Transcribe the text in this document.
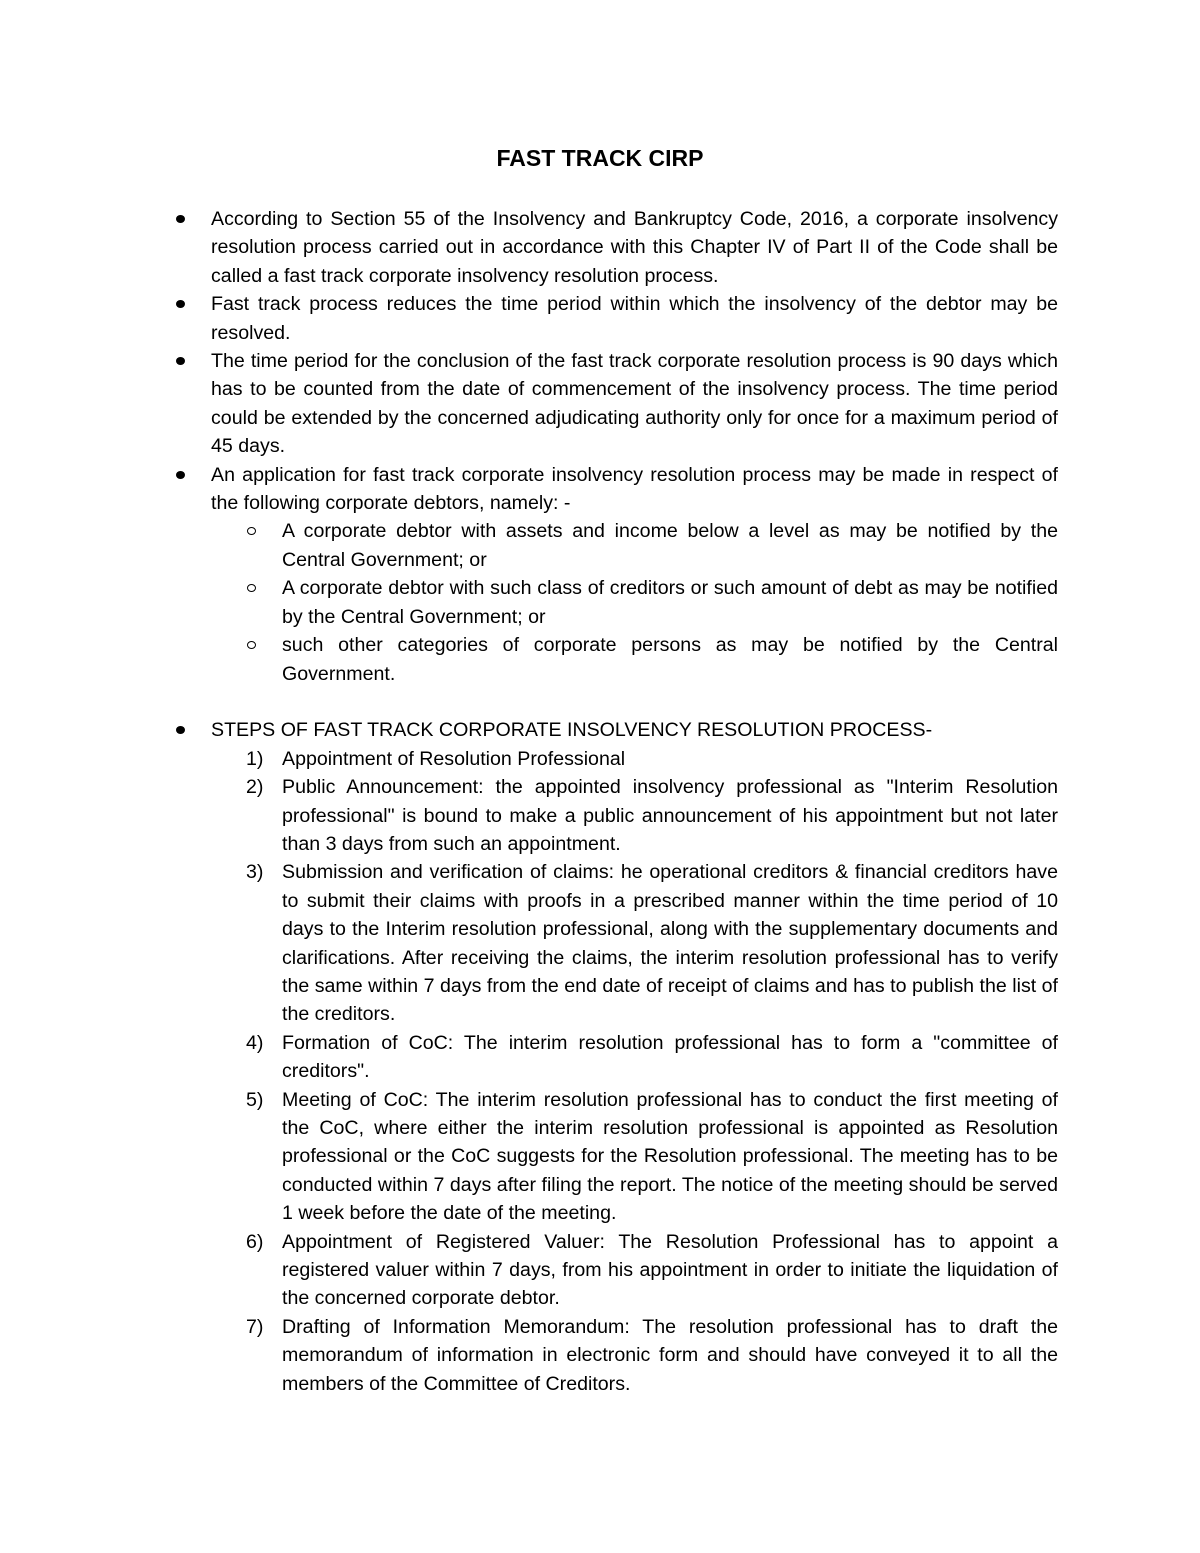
FAST TRACK CIRP
According to Section 55 of the Insolvency and Bankruptcy Code, 2016, a corporate insolvency resolution process carried out in accordance with this Chapter IV of Part II of the Code shall be called a fast track corporate insolvency resolution process.
Fast track process reduces the time period within which the insolvency of the debtor may be resolved.
The time period for the conclusion of the fast track corporate resolution process is 90 days which has to be counted from the date of commencement of the insolvency process. The time period could be extended by the concerned adjudicating authority only for once for a maximum period of 45 days.
An application for fast track corporate insolvency resolution process may be made in respect of the following corporate debtors, namely: -
A corporate debtor with assets and income below a level as may be notified by the Central Government; or
A corporate debtor with such class of creditors or such amount of debt as may be notified by the Central Government; or
such other categories of corporate persons as may be notified by the Central Government.
STEPS OF FAST TRACK CORPORATE INSOLVENCY RESOLUTION PROCESS-
1) Appointment of Resolution Professional
2) Public Announcement: the appointed insolvency professional as "Interim Resolution professional" is bound to make a public announcement of his appointment but not later than 3 days from such an appointment.
3) Submission and verification of claims: he operational creditors & financial creditors have to submit their claims with proofs in a prescribed manner within the time period of 10 days to the Interim resolution professional, along with the supplementary documents and clarifications. After receiving the claims, the interim resolution professional has to verify the same within 7 days from the end date of receipt of claims and has to publish the list of the creditors.
4) Formation of CoC: The interim resolution professional has to form a "committee of creditors".
5) Meeting of CoC: The interim resolution professional has to conduct the first meeting of the CoC, where either the interim resolution professional is appointed as Resolution professional or the CoC suggests for the Resolution professional. The meeting has to be conducted within 7 days after filing the report. The notice of the meeting should be served 1 week before the date of the meeting.
6) Appointment of Registered Valuer: The Resolution Professional has to appoint a registered valuer within 7 days, from his appointment in order to initiate the liquidation of the concerned corporate debtor.
7) Drafting of Information Memorandum: The resolution professional has to draft the memorandum of information in electronic form and should have conveyed it to all the members of the Committee of Creditors.
